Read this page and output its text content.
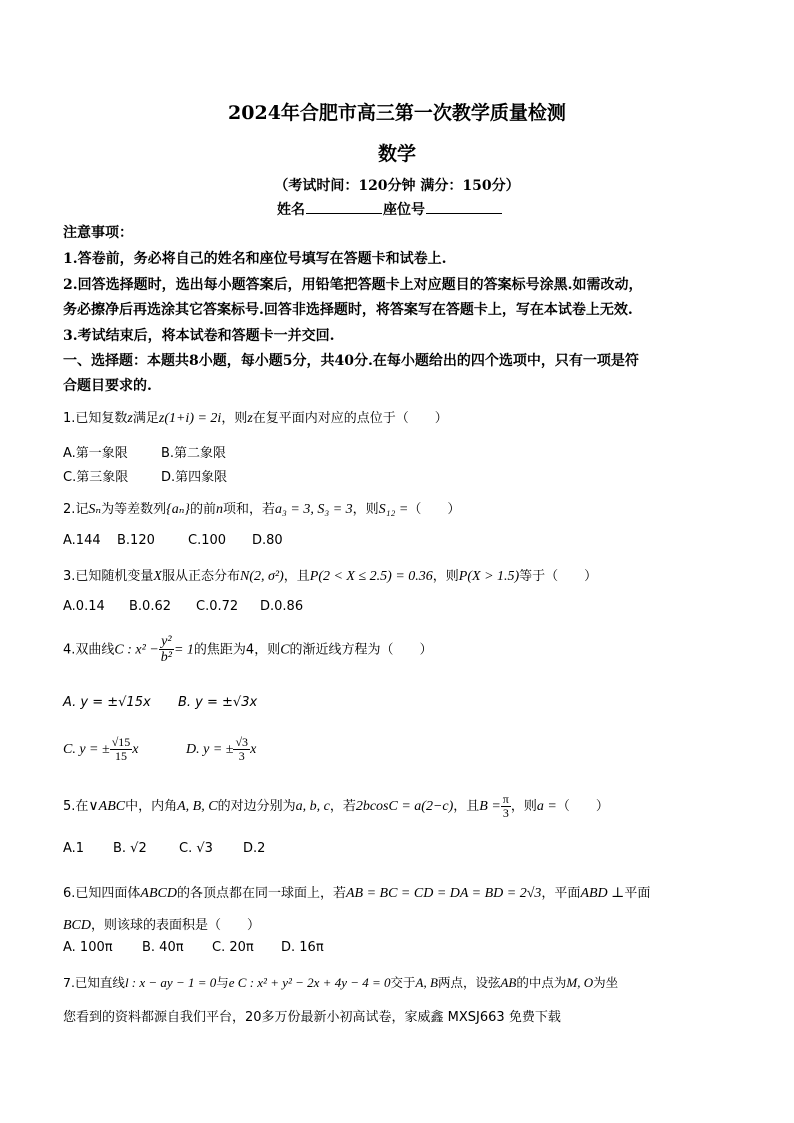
2024年合肥市高三第一次教学质量检测
数学
（考试时间：120分钟 满分：150分）
姓名	座位号
注意事项：
1.答卷前，务必将自己的姓名和座位号填写在答题卡和试卷上.
2.回答选择题时，选出每小题答案后，用铅笔把答题卡上对应题目的答案标号涂黑.如需改动，
务必擦净后再选涂其它答案标号.回答非选择题时，将答案写在答题卡上，写在本试卷上无效.
3.考试结束后，将本试卷和答题卡一并交回.
一、选择题：本题共8小题，每小题5分，共40分.在每小题给出的四个选项中，只有一项是符
合题目要求的.
1.已知复数z满足z(1+i) = 2i，则z在复平面内对应的点位于（　　）
A.第一象限	B.第二象限
C.第三象限	D.第四象限
2.记Sₙ为等差数列{aₙ}的前n项和，若a₃ = 3, S₃ = 3，则S₁₂ =（　　）
A.144 B.120	C.100 D.80
3.已知随机变量X服从正态分布N(2, σ²)，且P(2 < X ≤ 2.5) = 0.36，则P(X > 1.5)等于（　　）
A.0.14 B.0.62 C.0.72 D.0.86
4.双曲线C : $x^2 - \frac{\text{y²}}{\text{b²}} = 1$的焦距为4，则C的渐近线方程为（　　）
A. y = ±√15x B. y = ±√3x
C. y = ± $\frac{√15}{15}$ x	D. y = ± $\frac{√3}{3}$ x
5.在∨ABC中，内角A, B, C的对边分别为a, b, c，若2bcosC = a(2−c)，且$B = \frac{\pi}{3}$ ，则a =（　　）
A.1 B. √2 C. √3 D.2
6.已知四面体ABCD的各顶点都在同一球面上，若AB = BC = CD = DA = BD = 2√3，平面ABD ⊥平面
BCD，则该球的表面积是（　　）
A. 100π B. 40π C. 20π D. 16π
7.已知直线l : x − ay − 1 = 0与e C : x² + y² − 2x + 4y − 4 = 0交于A, B两点，设弦AB的中点为M, O为坐
您看到的资料都源自我们平台，20多万份最新小初高试卷，家威鑫 MXSJ663 免费下载
